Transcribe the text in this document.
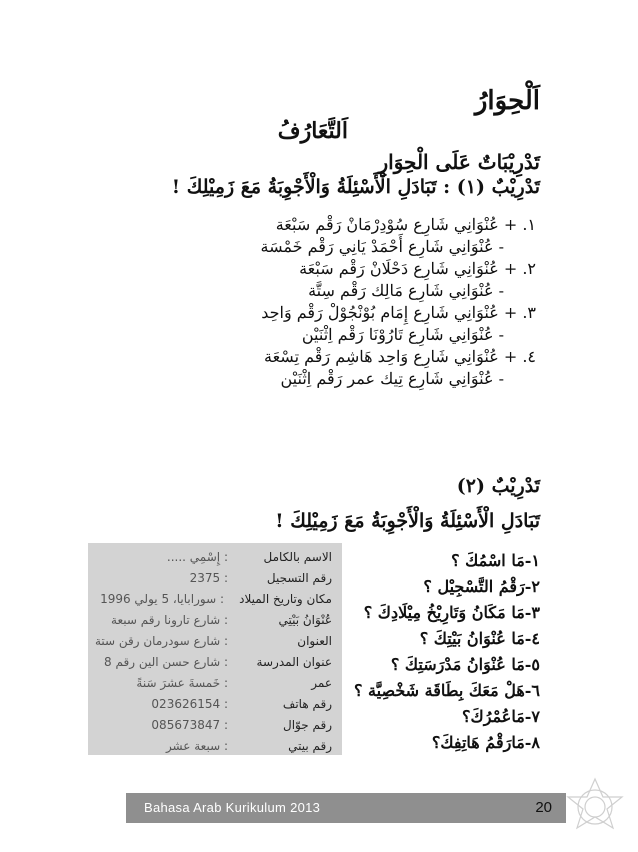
اَلْحِوَارُ
اَلتَّعَارُفُ
تَدْرِيْبَاتٌ عَلَى الْحِوَارِ
تَدْرِيْبٌ (١) : تَبَادَلِ الْأَسْئِلَةُ وَالْأَجْوِبَةُ مَعَ زَمِيْلِكَ !
١. + عُنْوَانِي شَارِع سُوْدِرْمَانْ رَقْم سَبْعَة
- عُنْوَانِي شَارِع أَحْمَدْ يَانِي رَقْم خَمْسَة
٢. + عُنْوَانِي شَارِع دَحْلَانْ رَقْم سَبْعَة
- عُنْوَانِي شَارِع مَالِك رَقْم سِتَّة
٣. + عُنْوَانِي شَارِع إِمَام بُوْنْجُوْلْ رَقْم وَاحِد
- عُنْوَانِي شَارِع تَارُوْنَا رَقْم اِثْنَيْن
٤. + عُنْوَانِي شَارِع وَاحِد هَاشِم رَقْم تِسْعَة
- عُنْوَانِي شَارِع تِيك عمر رَقْم اِثْنَيْن
تَدْرِيْبٌ (٢)
تَبَادَلِ الْأَسْئِلَةُ وَالْأَجْوِبَةُ مَعَ زَمِيْلِكَ !
١-مَا اسْمُكَ ؟
٢-رَقْمُ التَّسْجِيْل ؟
٣-مَا مَكَانُ وَتَارِيْخُ مِيْلَادِكَ ؟
٤-مَا عُنْوَانُ بَيْتِكَ ؟
٥-مَا عُنْوَانُ مَدْرَسَتِكَ ؟
٦-هَلْ مَعَكَ بِطَاقَة شَخْصِيَّة ؟
٧-مَاعُمْرُكَ؟
٨-مَارَقْمُ هَاتِفِكَ؟
الاسم بالكامل
: إِسْمِي .....
رقم التسجيل
: 2375
مكان وتاريخ الميلاد
: سورابايا، 5 يولي 1996
عُنْوَانُ بَيْتِي
: شارع تارونا رقم سبعة
العنوان
: شارع سودرمان رقن ستة
عنوان المدرسة
: شارع حسن الين رقم 8
عمر
: خَمسةَ عشرَ سَنةً
رقم هاتف
: 023626154
رقم جوّال
: 085673847
رقم بيتي
: سبعة عشر
Bahasa Arab Kurikulum 2013	20
